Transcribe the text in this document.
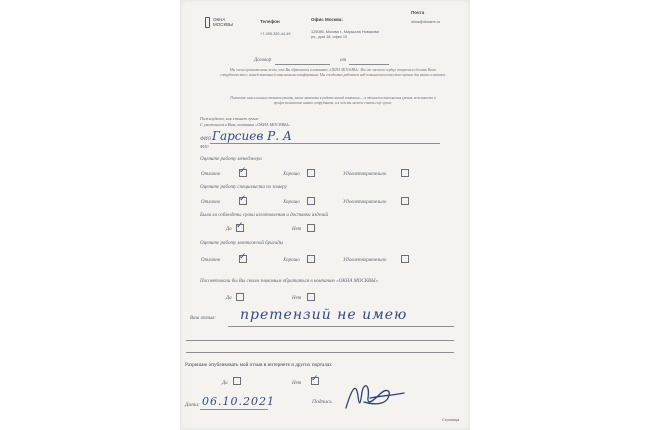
ОКНА
МОСКВЫ
Телефон
+7-495-320-44-49
Офис Москва:
125085, Москва г., Маршала Новикова
ул., дом 18, офис 10
Почта
okna@oknamr.ru
Договор	от
Мы очень признательны за то, что Вы обратились в компанию «ОКНА МОСКВЫ». Мы от чистого сердца стараемся сделать Ваше сотрудничество с нашей компанией максимально комфортным. Мы ежедневно работаем над повышением качества сервиса для наших клиентов.
Помогите нам и нашим отзывом узнать, какие моменты в работе нашей компании — в точности выполнения сроков, вежливости и профессионализме наших сотрудников, и в чём мы можем стать ещё лучше.
Пожалуйста, как станет лучше.
С уважением к Вам, компания «ОКНА МОСКВЫ»
ФИО Гарсиев Р. А
ФИО
Оцените работу менеджера
Отлично ✓	Хорошо	Удовлетворительно
Оцените работу специалиста по замеру
Отлично ✓	Хорошо	Удовлетворительно
Были ли соблюдены сроки изготовления и доставки изделий
Да ✓	Нет
Оцените работу монтажной бригады
Отлично ✓	Хорошо	Удовлетворительно
Посоветовали бы Вы своим знакомым обратиться в компанию «ОКНА МОСКВЫ»
Да	Нет
Ваш отзыв: претензий не имею
Разрешаю опубликовать мой отзыв в интернете и других порталах
Да	Нет ✓
Дата: 06.10.2021	Подпись
Страница
